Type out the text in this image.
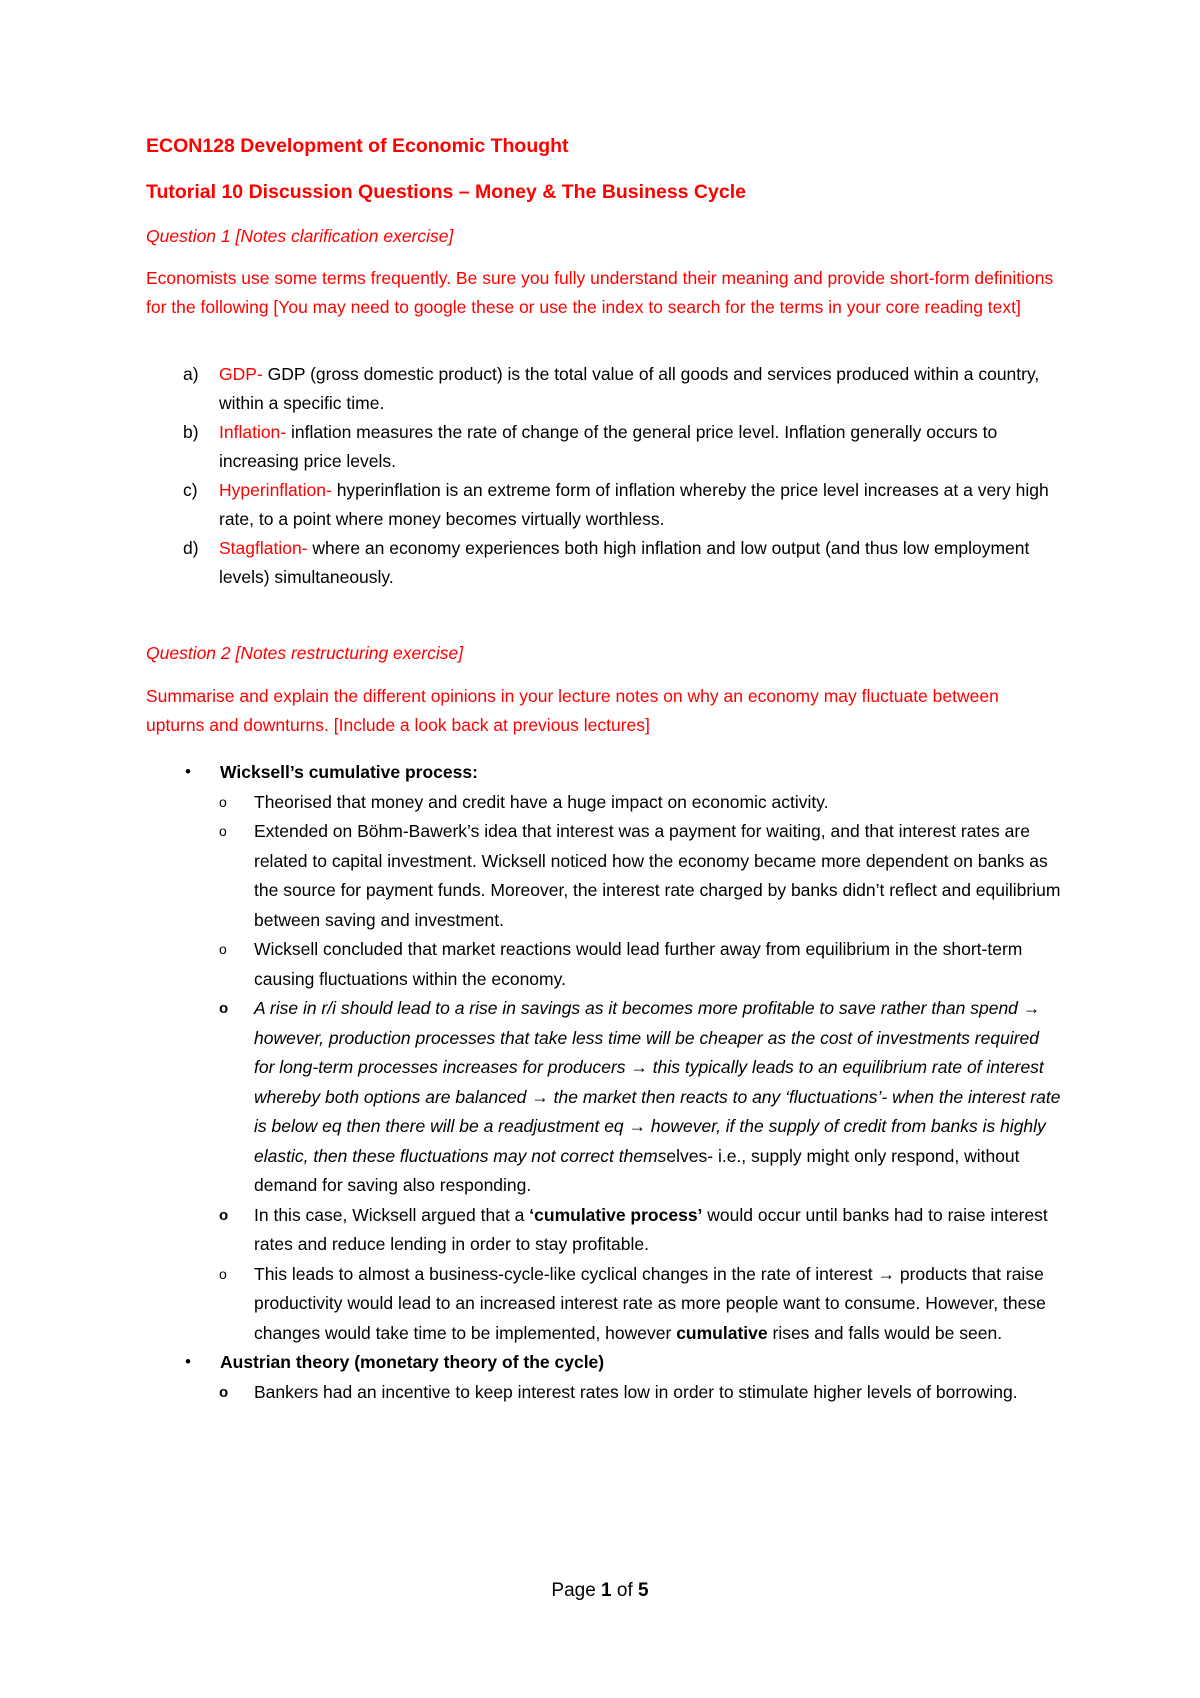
ECON128 Development of Economic Thought
Tutorial 10 Discussion Questions – Money & The Business Cycle
Question 1 [Notes clarification exercise]
Economists use some terms frequently. Be sure you fully understand their meaning and provide short-form definitions for the following [You may need to google these or use the index to search for the terms in your core reading text]
a) GDP- GDP (gross domestic product) is the total value of all goods and services produced within a country, within a specific time.
b) Inflation- inflation measures the rate of change of the general price level. Inflation generally occurs to increasing price levels.
c) Hyperinflation- hyperinflation is an extreme form of inflation whereby the price level increases at a very high rate, to a point where money becomes virtually worthless.
d) Stagflation- where an economy experiences both high inflation and low output (and thus low employment levels) simultaneously.
Question 2 [Notes restructuring exercise]
Summarise and explain the different opinions in your lecture notes on why an economy may fluctuate between upturns and downturns. [Include a look back at previous lectures]
• Wicksell’s cumulative process:
o Theorised that money and credit have a huge impact on economic activity.
o Extended on Böhm-Bawerk’s idea that interest was a payment for waiting, and that interest rates are related to capital investment. Wicksell noticed how the economy became more dependent on banks as the source for payment funds. Moreover, the interest rate charged by banks didn’t reflect and equilibrium between saving and investment.
o Wicksell concluded that market reactions would lead further away from equilibrium in the short-term causing fluctuations within the economy.
o A rise in r/i should lead to a rise in savings as it becomes more profitable to save rather than spend → however, production processes that take less time will be cheaper as the cost of investments required for long-term processes increases for producers → this typically leads to an equilibrium rate of interest whereby both options are balanced → the market then reacts to any ‘fluctuations’- when the interest rate is below eq then there will be a readjustment eq → however, if the supply of credit from banks is highly elastic, then these fluctuations may not correct themselves- i.e., supply might only respond, without demand for saving also responding.
o In this case, Wicksell argued that a ‘cumulative process’ would occur until banks had to raise interest rates and reduce lending in order to stay profitable.
o This leads to almost a business-cycle-like cyclical changes in the rate of interest → products that raise productivity would lead to an increased interest rate as more people want to consume. However, these changes would take time to be implemented, however cumulative rises and falls would be seen.
• Austrian theory (monetary theory of the cycle)
o Bankers had an incentive to keep interest rates low in order to stimulate higher levels of borrowing.
Page 1 of 5
